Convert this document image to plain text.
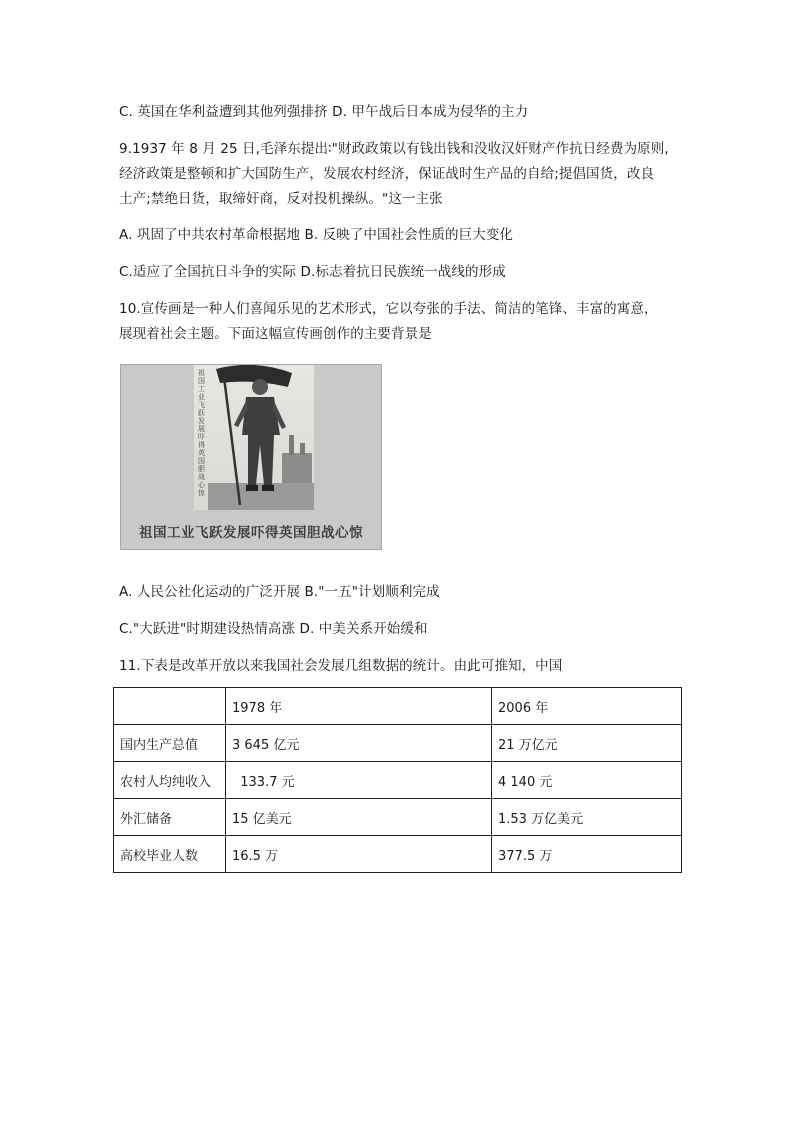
C. 英国在华利益遭到其他列强排挤 D. 甲午战后日本成为侵华的主力
9.1937 年 8 月 25 日,毛泽东提出∶"财政政策以有钱出钱和没收汉奸财产作抗日经费为原则,
经济政策是整顿和扩大国防生产，发展农村经济，保证战时生产品的自给;提倡国货，改良
土产;禁绝日货，取缔奸商，反对投机操纵。"这一主张
A. 巩固了中共农村革命根据地 B. 反映了中国社会性质的巨大变化
C.适应了全国抗日斗争的实际 D.标志着抗日民族统一战线的形成
10.宣传画是一种人们喜闻乐见的艺术形式，它以夸张的手法、简洁的笔锋、丰富的寓意，
展现着社会主题。下面这幅宣传画创作的主要背景是
祖国工业飞跃发展吓得英国胆战心惊
祖国工业飞跃发展吓得英国胆战心惊
A. 人民公社化运动的广泛开展 B."一五"计划顺利完成
C."大跃进"时期建设热情高涨 D. 中美关系开始缓和
11.下表是改革开放以来我国社会发展几组数据的统计。由此可推知，中国
	1978 年	2006 年
国内生产总值	3 645 亿元	21 万亿元
农村人均纯收入	133.7 元	4 140 元
外汇储备	15 亿美元	1.53 万亿美元
高校毕业人数	16.5 万	377.5 万
